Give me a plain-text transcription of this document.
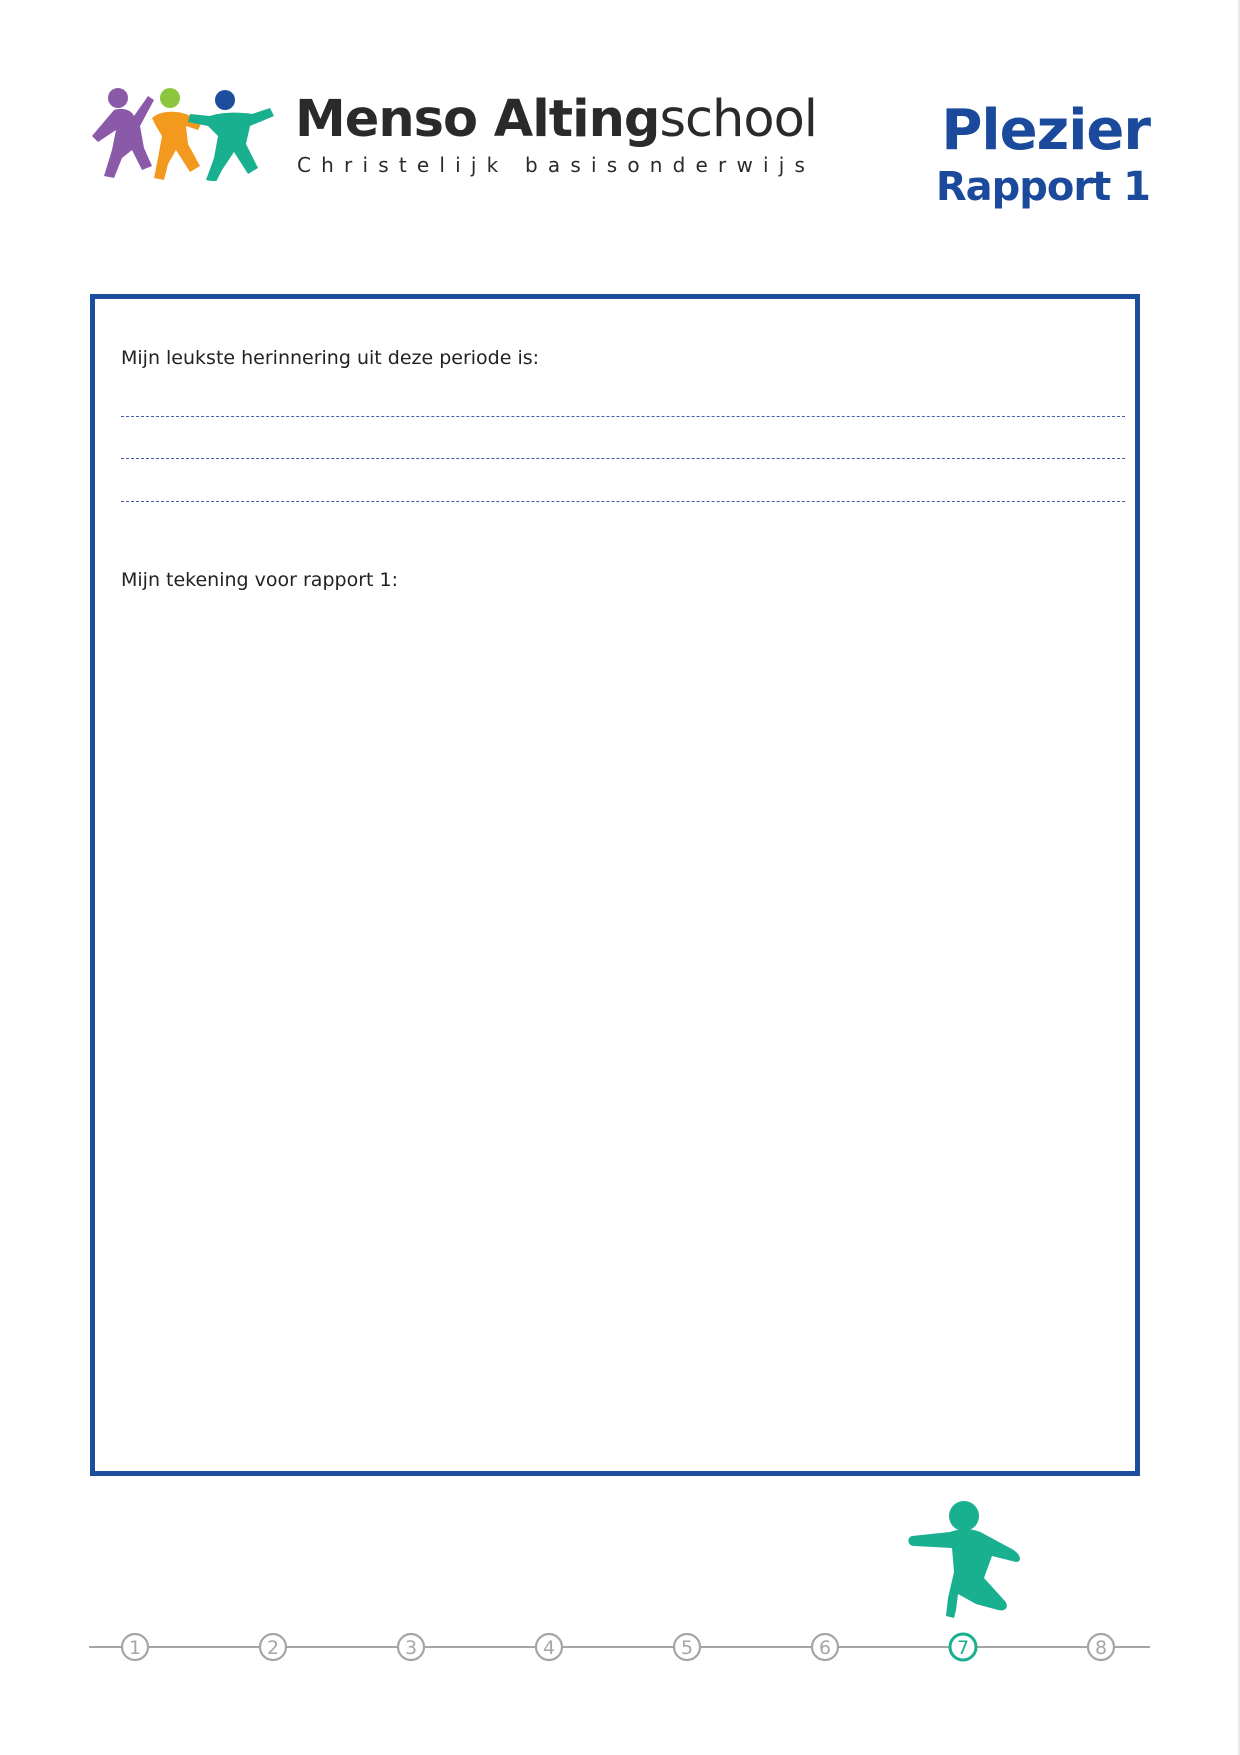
Menso Altingschool
Christelijk basisonderwijs
Plezier
Rapport 1
Mijn leukste herinnering uit deze periode is:
Mijn tekening voor rapport 1:
1	2	3	4	5	6	7	8
